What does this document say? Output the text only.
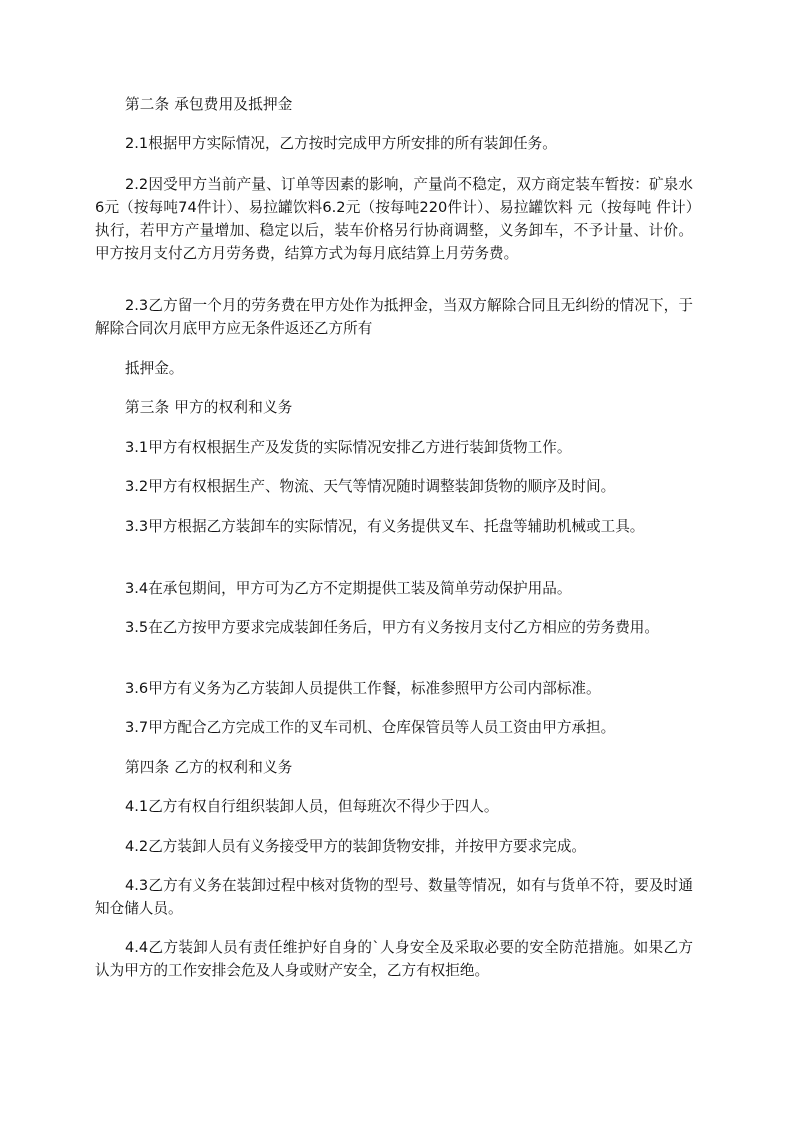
第二条 承包费用及抵押金

2.1根据甲方实际情况，乙方按时完成甲方所安排的所有装卸任务。

2.2因受甲方当前产量、订单等因素的影响，产量尚不稳定，双方商定装车暂按：矿泉水6元（按每吨74件计）、易拉罐饮料6.2元（按每吨220件计）、易拉罐饮料 元（按每吨 件计）执行，若甲方产量增加、稳定以后，装车价格另行协商调整，义务卸车，不予计量、计价。甲方按月支付乙方月劳务费，结算方式为每月底结算上月劳务费。

2.3乙方留一个月的劳务费在甲方处作为抵押金，当双方解除合同且无纠纷的情况下，于解除合同次月底甲方应无条件返还乙方所有

抵押金。

第三条 甲方的权利和义务

3.1甲方有权根据生产及发货的实际情况安排乙方进行装卸货物工作。

3.2甲方有权根据生产、物流、天气等情况随时调整装卸货物的顺序及时间。

3.3甲方根据乙方装卸车的实际情况，有义务提供叉车、托盘等辅助机械或工具。

3.4在承包期间，甲方可为乙方不定期提供工装及简单劳动保护用品。

3.5在乙方按甲方要求完成装卸任务后，甲方有义务按月支付乙方相应的劳务费用。

3.6甲方有义务为乙方装卸人员提供工作餐，标准参照甲方公司内部标准。

3.7甲方配合乙方完成工作的叉车司机、仓库保管员等人员工资由甲方承担。

第四条 乙方的权利和义务

4.1乙方有权自行组织装卸人员，但每班次不得少于四人。

4.2乙方装卸人员有义务接受甲方的装卸货物安排，并按甲方要求完成。

4.3乙方有义务在装卸过程中核对货物的型号、数量等情况，如有与货单不符，要及时通知仓储人员。

4.4乙方装卸人员有责任维护好自身的`人身安全及采取必要的安全防范措施。如果乙方认为甲方的工作安排会危及人身或财产安全，乙方有权拒绝。
